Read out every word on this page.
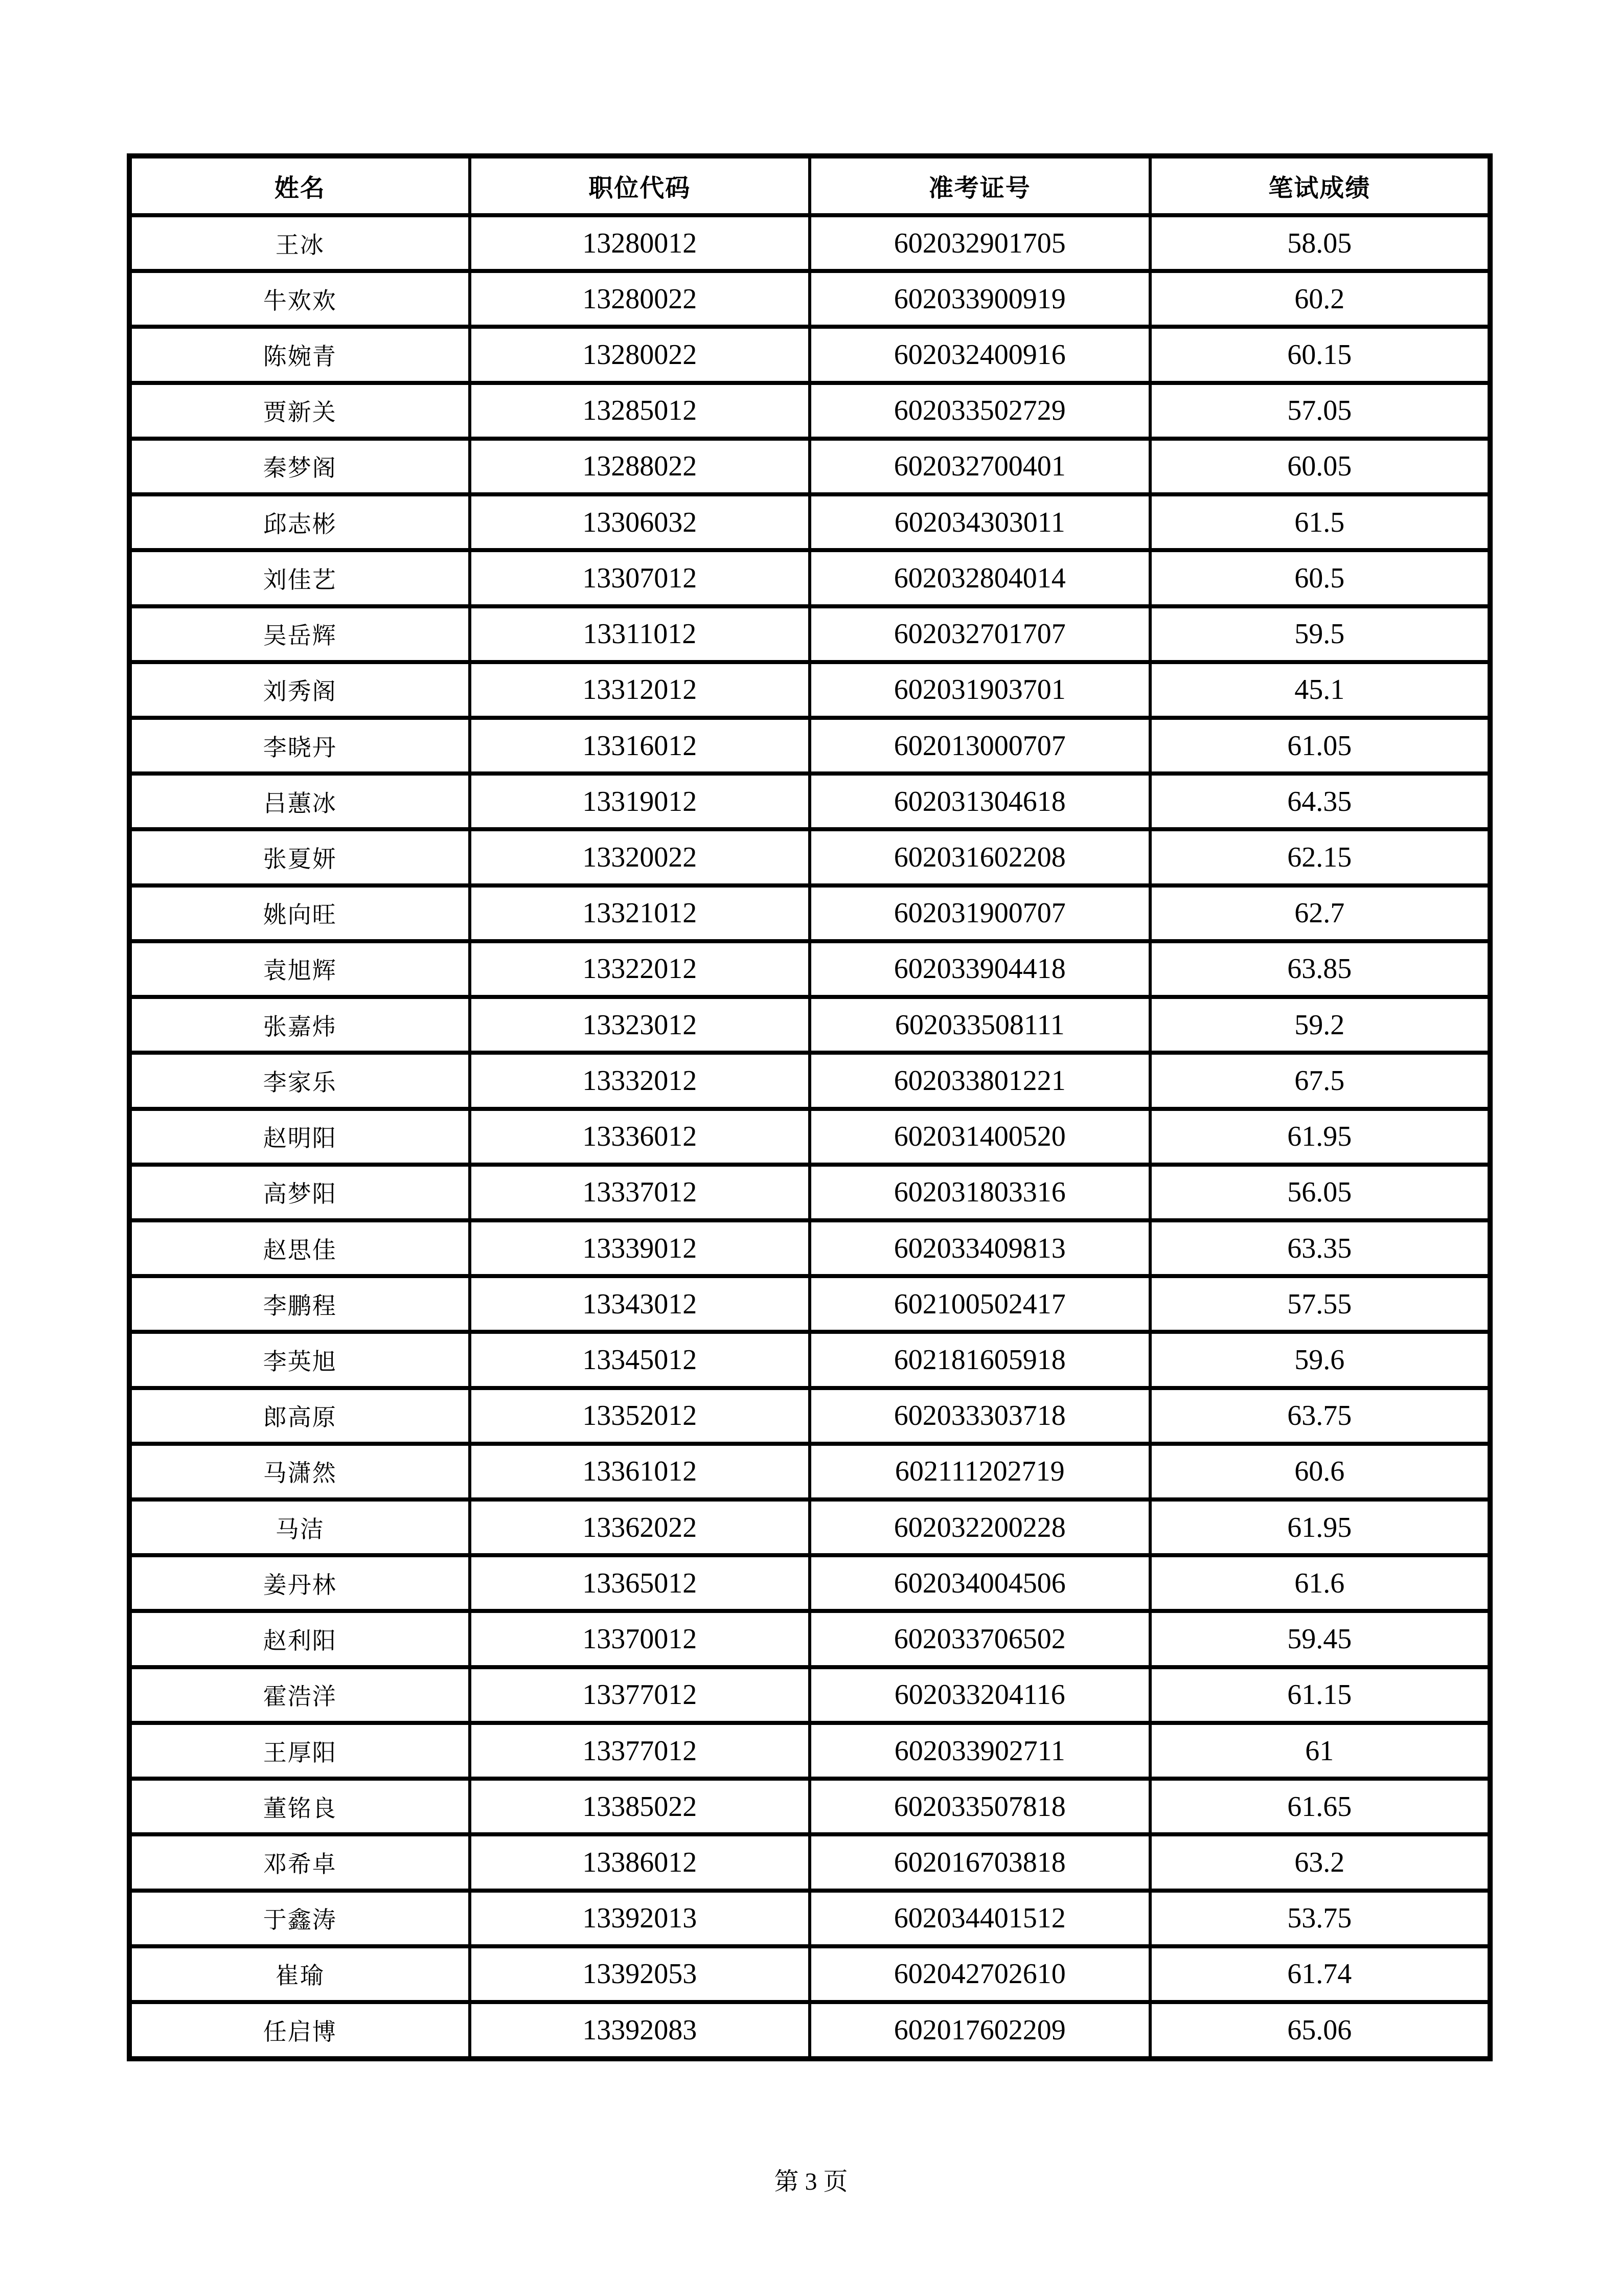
姓名	职位代码	准考证号	笔试成绩
王冰	13280012	602032901705	58.05
牛欢欢	13280022	602033900919	60.2
陈婉青	13280022	602032400916	60.15
贾新关	13285012	602033502729	57.05
秦梦阁	13288022	602032700401	60.05
邱志彬	13306032	602034303011	61.5
刘佳艺	13307012	602032804014	60.5
吴岳辉	13311012	602032701707	59.5
刘秀阁	13312012	602031903701	45.1
李晓丹	13316012	602013000707	61.05
吕蕙冰	13319012	602031304618	64.35
张夏妍	13320022	602031602208	62.15
姚向旺	13321012	602031900707	62.7
袁旭辉	13322012	602033904418	63.85
张嘉炜	13323012	602033508111	59.2
李家乐	13332012	602033801221	67.5
赵明阳	13336012	602031400520	61.95
高梦阳	13337012	602031803316	56.05
赵思佳	13339012	602033409813	63.35
李鹏程	13343012	602100502417	57.55
李英旭	13345012	602181605918	59.6
郎高原	13352012	602033303718	63.75
马潇然	13361012	602111202719	60.6
马洁	13362022	602032200228	61.95
姜丹林	13365012	602034004506	61.6
赵利阳	13370012	602033706502	59.45
霍浩洋	13377012	602033204116	61.15
王厚阳	13377012	602033902711	61
董铭良	13385022	602033507818	61.65
邓希卓	13386012	602016703818	63.2
于鑫涛	13392013	602034401512	53.75
崔瑜	13392053	602042702610	61.74
任启博	13392083	602017602209	65.06
第 3 页
